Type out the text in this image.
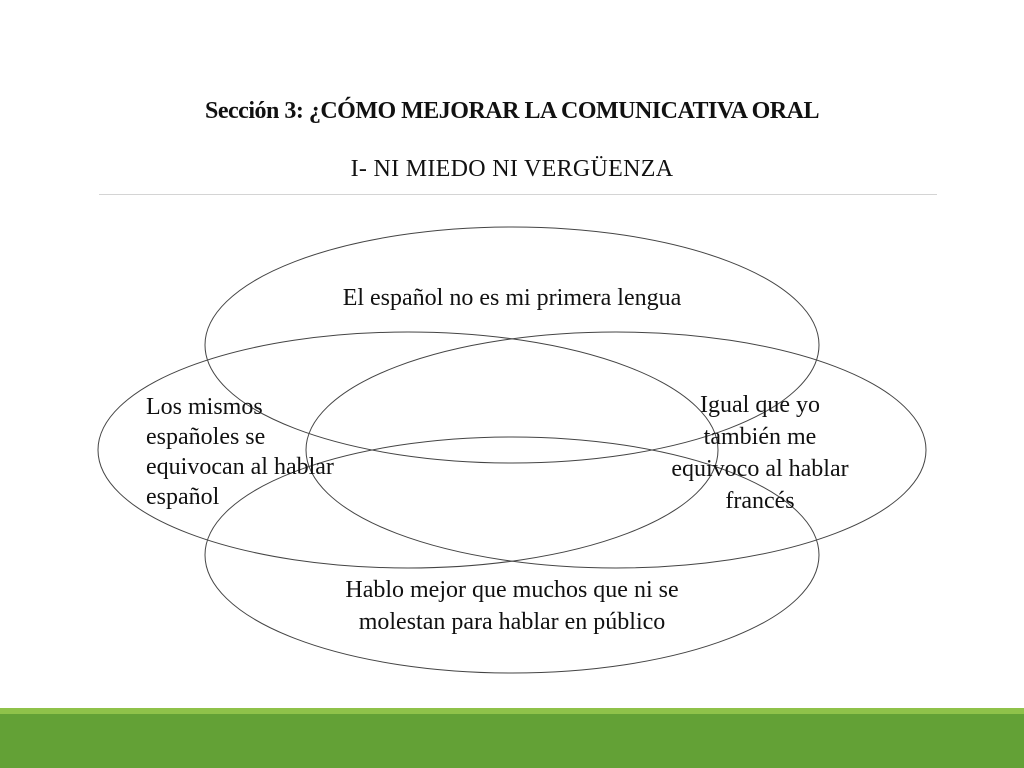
Sección 3: ¿CÓMO MEJORAR LA COMUNICATIVA ORAL
I- NI MIEDO NI VERGÜENZA
El español no es mi primera lengua
Los mismos
españoles se
equivocan al hablar
español
Igual que yo
también me
equivoco al hablar
francés
Hablo mejor que muchos que ni se
molestan para hablar en público
